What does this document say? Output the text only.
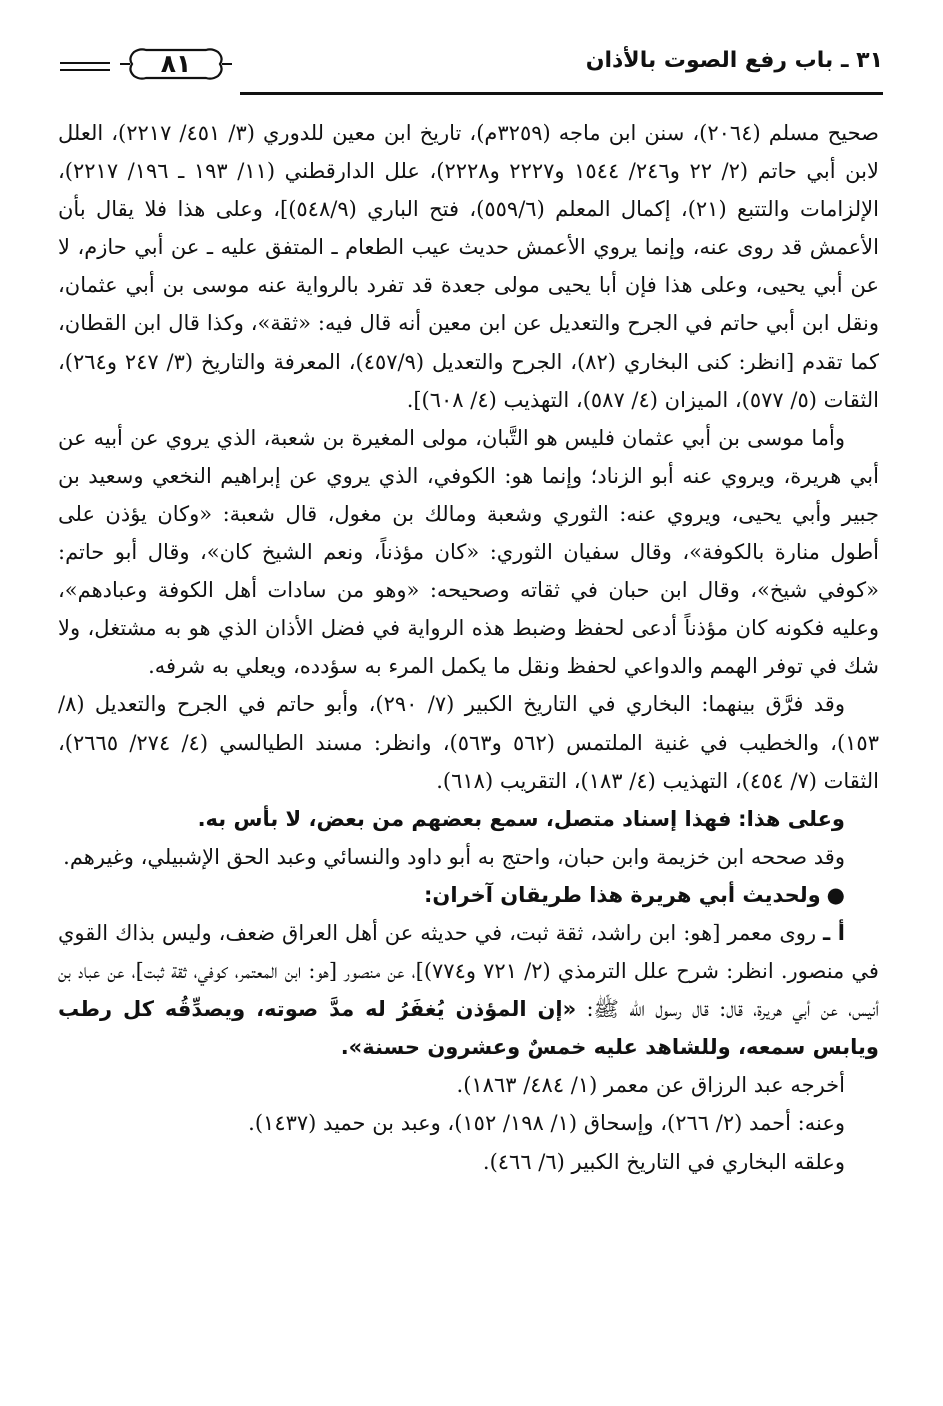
٣١ ـ باب رفع الصوت بالأذان
٨١

صحيح مسلم (٢٠٦٤)، سنن ابن ماجه (٣٢٥٩م)، تاريخ ابن معين للدوري (٣/ ٤٥١/ ٢٢١٧)، العلل لابن أبي حاتم (٢/ ٢٢ و٢٤٦/ ١٥٤٤ و٢٢٢٧ و٢٢٢٨)، علل الدارقطني (١١/ ١٩٣ ـ ١٩٦/ ٢٢١٧)، الإلزامات والتتبع (٢١)، إكمال المعلم (٥٥٩/٦)، فتح الباري (٥٤٨/٩)]، وعلى هذا فلا يقال بأن الأعمش قد روى عنه، وإنما يروي الأعمش حديث عيب الطعام ـ المتفق عليه ـ عن أبي حازم، لا عن أبي يحيى، وعلى هذا فإن أبا يحيى مولى جعدة قد تفرد بالرواية عنه موسى بن أبي عثمان، ونقل ابن أبي حاتم في الجرح والتعديل عن ابن معين أنه قال فيه: «ثقة»، وكذا قال ابن القطان، كما تقدم [انظر: كنى البخاري (٨٢)، الجرح والتعديل (٤٥٧/٩)، المعرفة والتاريخ (٣/ ٢٤٧ و٢٦٤)، الثقات (٥/ ٥٧٧)، الميزان (٤/ ٥٨٧)، التهذيب (٤/ ٦٠٨)].

وأما موسى بن أبي عثمان فليس هو التَّبان، مولى المغيرة بن شعبة، الذي يروي عن أبيه عن أبي هريرة، ويروي عنه أبو الزناد؛ وإنما هو: الكوفي، الذي يروي عن إبراهيم النخعي وسعيد بن جبير وأبي يحيى، ويروي عنه: الثوري وشعبة ومالك بن مغول، قال شعبة: «وكان يؤذن على أطول منارة بالكوفة»، وقال سفيان الثوري: «كان مؤذناً، ونعم الشيخ كان»، وقال أبو حاتم: «كوفي شيخ»، وقال ابن حبان في ثقاته وصحيحه: «وهو من سادات أهل الكوفة وعبادهم»، وعليه فكونه كان مؤذناً أدعى لحفظ وضبط هذه الرواية في فضل الأذان الذي هو به مشتغل، ولا شك في توفر الهمم والدواعي لحفظ ونقل ما يكمل المرء به سؤدده، ويعلي به شرفه.

وقد فرَّق بينهما: البخاري في التاريخ الكبير (٧/ ٢٩٠)، وأبو حاتم في الجرح والتعديل (٨/ ١٥٣)، والخطيب في غنية الملتمس (٥٦٢ و٥٦٣)، وانظر: مسند الطيالسي (٤/ ٢٧٤/ ٢٦٦٥)، الثقات (٧/ ٤٥٤)، التهذيب (٤/ ١٨٣)، التقريب (٦١٨).

وعلى هذا: فهذا إسناد متصل، سمع بعضهم من بعض، لا بأس به.

وقد صححه ابن خزيمة وابن حبان، واحتج به أبو داود والنسائي وعبد الحق الإشبيلي، وغيرهم.

●ولحديث أبي هريرة هذا طريقان آخران:

أ ـ روى معمر [هو: ابن راشد، ثقة ثبت، في حديثه عن أهل العراق ضعف، وليس بذاك القوي في منصور. انظر: شرح علل الترمذي (٢/ ٧٢١ و٧٧٤)]، عن منصور [هو: ابن المعتمر، كوفي، ثقة ثبت]، عن عباد بن أنيس، عن أبي هريرة، قال: قال رسول الله ﷺ: «إن المؤذن يُغفَرُ له مدَّ صوته، ويصدِّقُه كل رطب ويابس سمعه، وللشاهد عليه خمسٌ وعشرون حسنة».

أخرجه عبد الرزاق عن معمر (١/ ٤٨٤/ ١٨٦٣).

وعنه: أحمد (٢/ ٢٦٦)، وإسحاق (١/ ١٩٨/ ١٥٢)، وعبد بن حميد (١٤٣٧).

وعلقه البخاري في التاريخ الكبير (٦/ ٤٦٦).
